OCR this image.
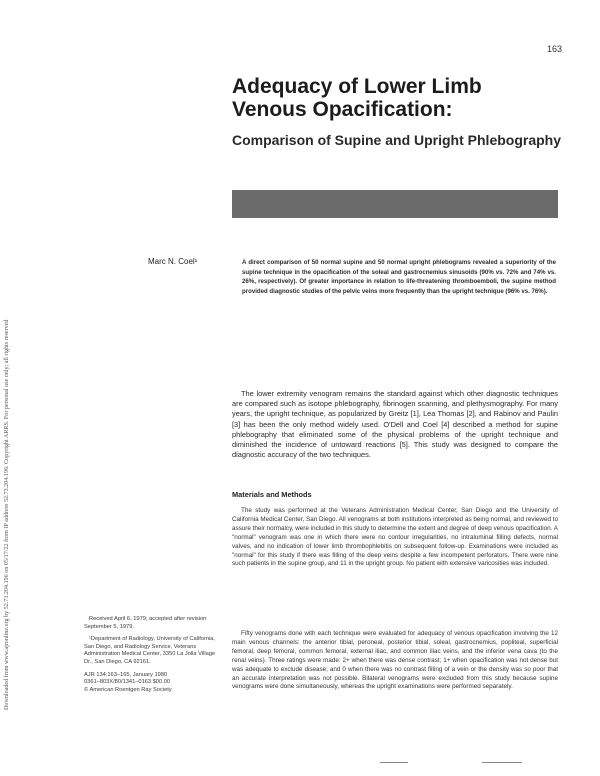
Downloaded from www.ajronline.org by 52.73.204.196 on 05/17/22 from IP address 52.73.204.196. Copyright ARRS. For personal use only; all rights reserved
163
Adequacy of Lower Limb Venous Opacification:
Comparison of Supine and Upright Phlebography
Marc N. Coel¹	A direct comparison of 50 normal supine and 50 normal upright phlebograms revealed a superiority of the supine technique in the opacification of the soleal and gastrocnemius sinusoids (90% vs. 72% and 74% vs. 26%, respectively). Of greater importance in relation to life-threatening thromboemboli, the supine method provided diagnostic studies of the pelvic veins more frequently than the upright technique (96% vs. 76%).

The lower extremity venogram remains the standard against which other diagnostic techniques are compared such as isotope phlebography, fibrinogen scanning, and plethysmography. For many years, the upright technique, as popularized by Greitz [1], Lea Thomas [2], and Rabinov and Paulin [3] has been the only method widely used. O'Dell and Coel [4] described a method for supine phlebography that eliminated some of the physical problems of the upright technique and diminished the incidence of untoward reactions [5]. This study was designed to compare the diagnostic accuracy of the two techniques.

Materials and Methods

The study was performed at the Veterans Administration Medical Center, San Diego and the University of California Medical Center, San Diego. All venograms at both institutions interpreted as being normal, and reviewed to assure their normalcy, were included in this study to determine the extent and degree of deep venous opacification. A "normal" venogram was one in which there were no contour irregularities, no intraluminal filling defects, normal valves, and no indication of lower limb thrombophlebitis on subsequent follow-up. Examinations were included as "normal" for this study if there was filling of the deep veins despite a few incompetent perforators. There were nine such patients in the supine group, and 11 in the upright group. No patient with extensive varicosities was included.

Fifty venograms done with each technique were evaluated for adequacy of venous opacification involving the 12 main venous channels: the anterior tibial, peroneal, posterior tibial, soleal, gastrocnemius, popliteal, superficial femoral, deep femoral, common femoral, external iliac, and common iliac veins, and the inferior vena cava (to the renal veins). Three ratings were made: 2+ when there was dense contrast; 1+ when opacification was not dense but was adequate to exclude disease; and 0 when there was no contrast filling of a vein or the density was so poor that an accurate interpretation was not possible. Bilateral venograms were excluded from this study because supine venograms were done simultaneously, whereas the upright examinations were performed separately.

Received April 6, 1979; accepted after revision September 5, 1979.

¹Department of Radiology, University of California, San Diego, and Radiology Service, Veterans Administration Medical Center, 3350 La Jolla Village Dr., San Diego, CA 92161.

AJR 134:163–165, January 1980

0361–803X/80/1341–0163 $00.00

© American Roentgen Ray Society
